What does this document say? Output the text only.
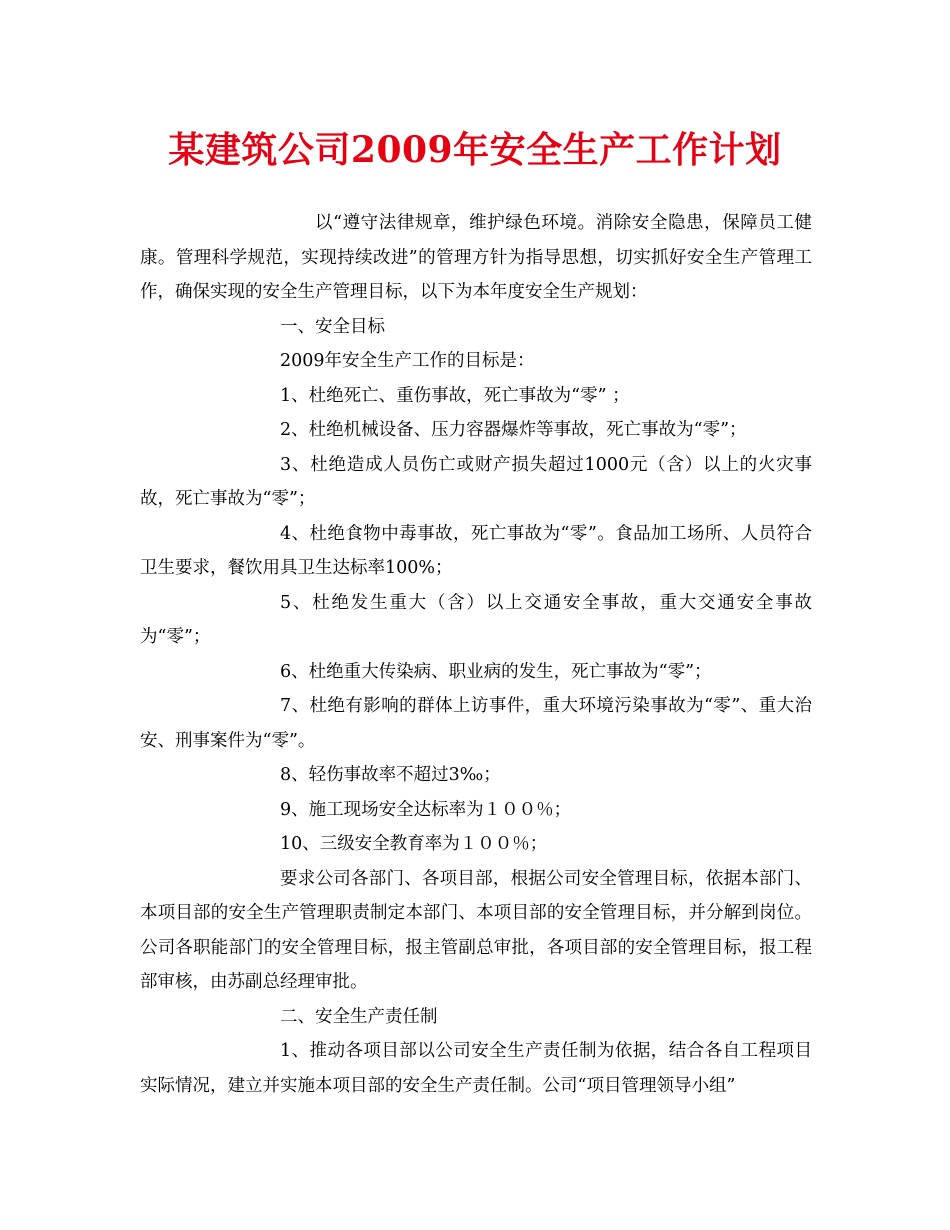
某建筑公司2009年安全生产工作计划

以“遵守法律规章，维护绿色环境。消除安全隐患，保障员工健康。管理科学规范，实现持续改进”的管理方针为指导思想，切实抓好安全生产管理工作，确保实现的安全生产管理目标，以下为本年度安全生产规划：

一、安全目标

2009年安全生产工作的目标是：

1、杜绝死亡、重伤事故，死亡事故为“零” ；

2、杜绝机械设备、压力容器爆炸等事故，死亡事故为“零”；

3、杜绝造成人员伤亡或财产损失超过1000元（含）以上的火灾事故，死亡事故为“零”；

4、杜绝食物中毒事故，死亡事故为“零”。食品加工场所、人员符合卫生要求，餐饮用具卫生达标率100%；

5、杜绝发生重大（含）以上交通安全事故，重大交通安全事故为“零”；

6、杜绝重大传染病、职业病的发生，死亡事故为“零”；

7、杜绝有影响的群体上访事件，重大环境污染事故为“零”、重大治安、刑事案件为“零”。

8、轻伤事故率不超过3‰；

9、施工现场安全达标率为１００％；

10、三级安全教育率为１００％；

要求公司各部门、各项目部，根据公司安全管理目标，依据本部门、本项目部的安全生产管理职责制定本部门、本项目部的安全管理目标，并分解到岗位。公司各职能部门的安全管理目标，报主管副总审批，各项目部的安全管理目标，报工程部审核，由苏副总经理审批。

二、安全生产责任制

1、推动各项目部以公司安全生产责任制为依据，结合各自工程项目实际情况，建立并实施本项目部的安全生产责任制。公司“项目管理领导小组”
